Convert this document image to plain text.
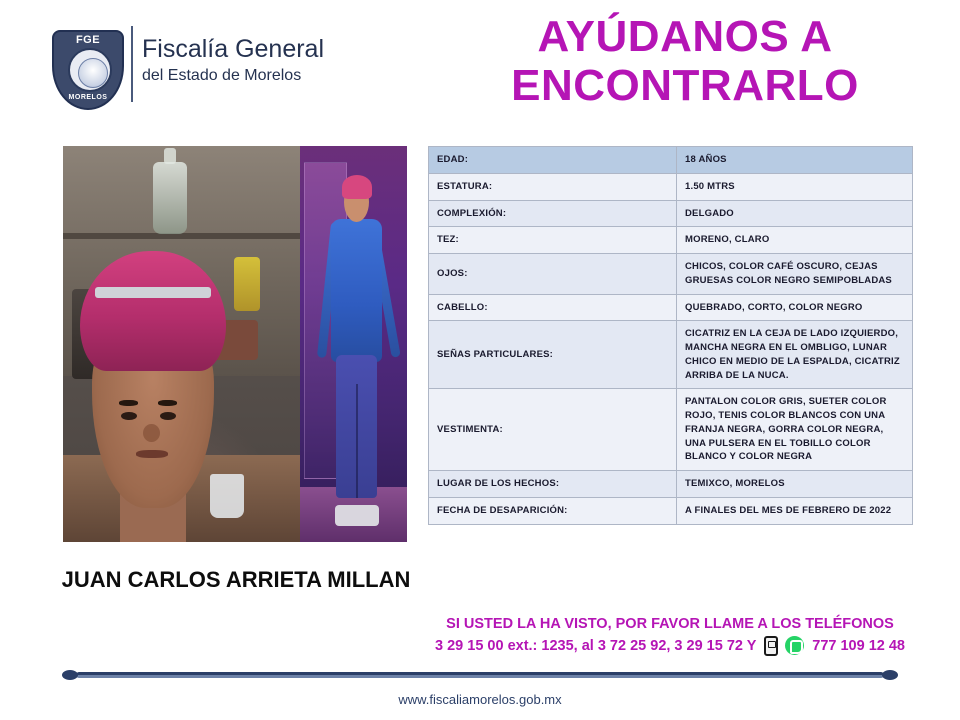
FGE
MORELOS
Fiscalía General
del Estado de Morelos
AYÚDANOS A ENCONTRARLO
JUAN CARLOS ARRIETA MILLAN
EDAD:	18 AÑOS
ESTATURA:	1.50 MTRS
COMPLEXIÓN:	DELGADO
TEZ:	MORENO, CLARO
OJOS:	CHICOS, COLOR CAFÉ OSCURO, CEJAS GRUESAS COLOR NEGRO SEMIPOBLADAS
CABELLO:	QUEBRADO, CORTO, COLOR NEGRO
SEÑAS PARTICULARES:	CICATRIZ EN LA CEJA DE LADO IZQUIERDO, MANCHA NEGRA EN EL OMBLIGO, LUNAR CHICO EN MEDIO DE LA ESPALDA, CICATRIZ ARRIBA DE LA NUCA.
VESTIMENTA:	PANTALON COLOR GRIS, SUETER COLOR ROJO, TENIS COLOR BLANCOS CON UNA FRANJA NEGRA, GORRA COLOR NEGRA, UNA PULSERA EN EL TOBILLO COLOR BLANCO Y COLOR NEGRA
LUGAR DE LOS HECHOS:	TEMIXCO, MORELOS
FECHA DE DESAPARICIÓN:	A FINALES DEL MES DE FEBRERO DE 2022
SI USTED LA HA VISTO, POR FAVOR LLAME A LOS TELÉFONOS
3 29 15 00 ext.: 1235, al 3 72 25 92, 3 29 15 72 Y	777 109 12 48
www.fiscaliamorelos.gob.mx
